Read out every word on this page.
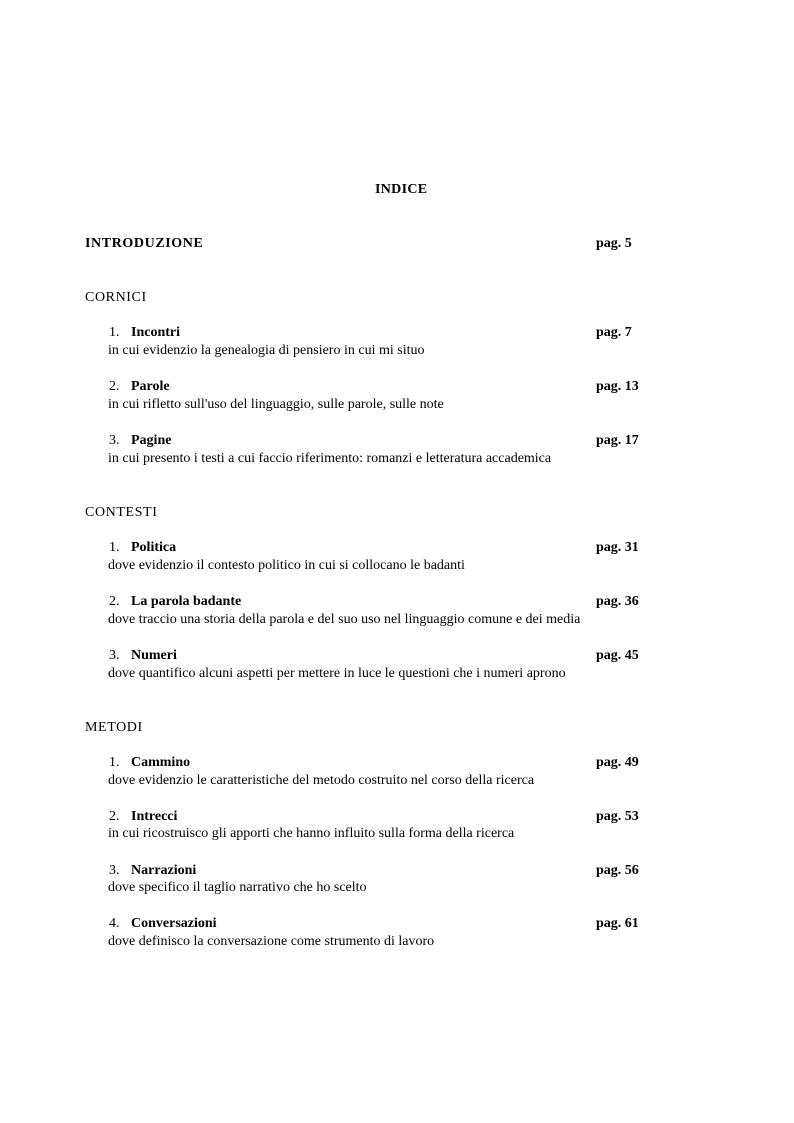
INDICE
INTRODUZIONE	pag. 5
CORNICI
1. Incontri	pag. 7
in cui evidenzio la genealogia di pensiero in cui mi situo
2. Parole	pag. 13
in cui rifletto sull'uso del linguaggio, sulle parole, sulle note
3. Pagine	pag. 17
in cui presento i testi a cui faccio riferimento: romanzi e letteratura accademica
CONTESTI
1. Politica	pag. 31
dove evidenzio il contesto politico in cui si collocano le badanti
2. La parola badante	pag. 36
dove traccio una storia della parola e del suo uso nel linguaggio comune e dei media
3. Numeri	pag. 45
dove quantifico alcuni aspetti per mettere in luce le questioni che i numeri aprono
METODI
1. Cammino	pag. 49
dove evidenzio le caratteristiche del metodo costruito nel corso della ricerca
2. Intrecci	pag. 53
in cui ricostruisco gli apporti che hanno influito sulla forma della ricerca
3. Narrazioni	pag. 56
dove specifico il taglio narrativo che ho scelto
4. Conversazioni	pag. 61
dove definisco la conversazione come strumento di lavoro
